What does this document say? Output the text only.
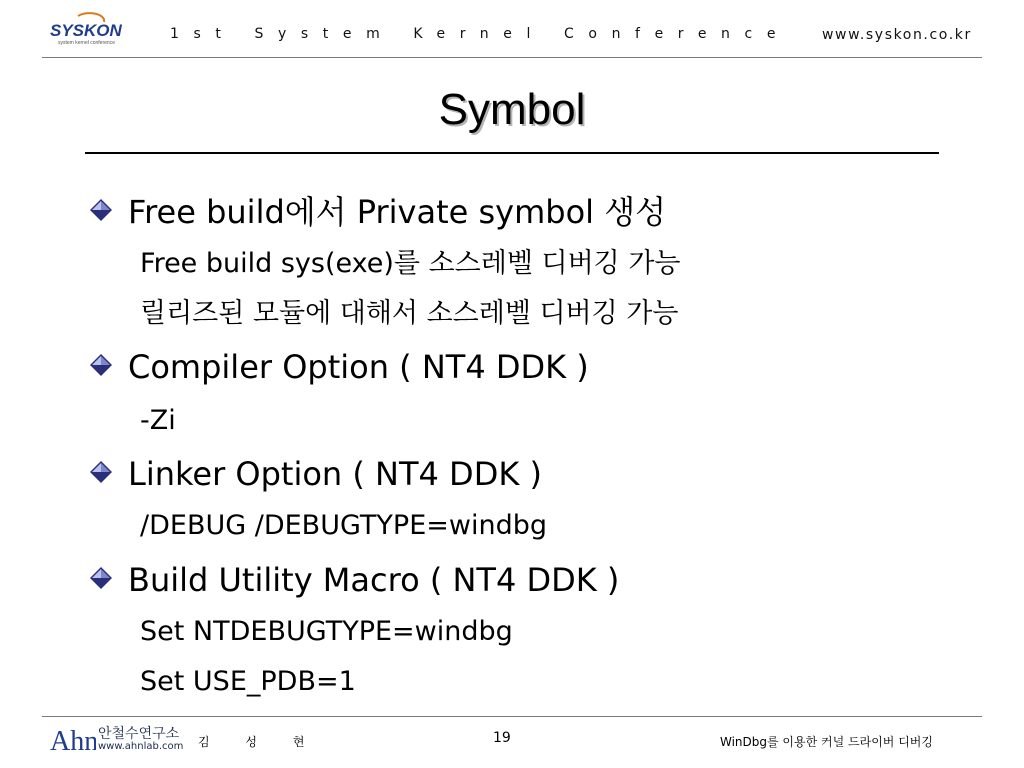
SYSKON
system kernel conference
1st System Kernel Conference www.syskon.co.kr
Symbol
Free build에서 Private symbol 생성
Free build sys(exe)를 소스레벨 디버깅 가능
릴리즈된 모듈에 대해서 소스레벨 디버깅 가능
Compiler Option ( NT4 DDK )
-Zi
Linker Option ( NT4 DDK )
/DEBUG /DEBUGTYPE=windbg
Build Utility Macro ( NT4 DDK )
Set NTDEBUGTYPE=windbg
Set USE_PDB=1
Ahn 안철수연구소
www.ahnlab.com 김 성 현	19	WinDbg를 이용한 커널 드라이버 디버깅
